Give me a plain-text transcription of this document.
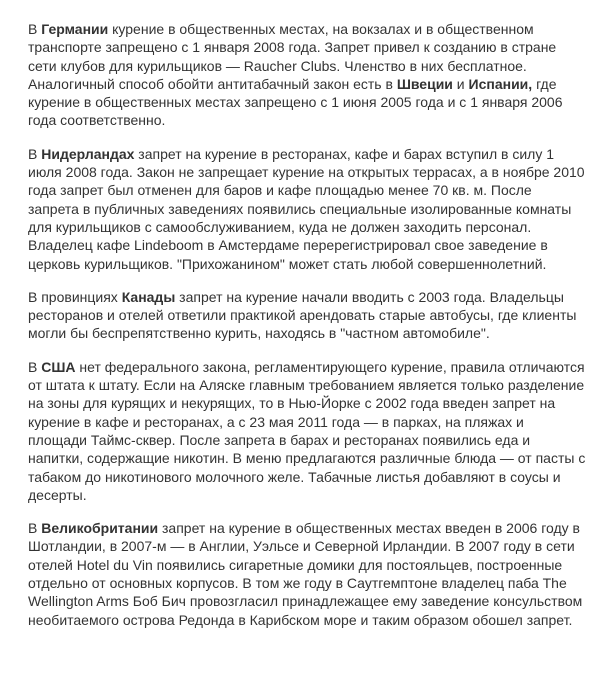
В Германии курение в общественных местах, на вокзалах и в общественном транспорте запрещено с 1 января 2008 года. Запрет привел к созданию в стране сети клубов для курильщиков — Raucher Clubs. Членство в них бесплатное. Аналогичный способ обойти антитабачный закон есть в Швеции и Испании, где курение в общественных местах запрещено с 1 июня 2005 года и с 1 января 2006 года соответственно.

В Нидерландах запрет на курение в ресторанах, кафе и барах вступил в силу 1 июля 2008 года. Закон не запрещает курение на открытых террасах, а в ноябре 2010 года запрет был отменен для баров и кафе площадью менее 70 кв. м. После запрета в публичных заведениях появились специальные изолированные комнаты для курильщиков с самообслуживанием, куда не должен заходить персонал. Владелец кафе Lindeboom в Амстердаме перерегистрировал свое заведение в церковь курильщиков. "Прихожанином" может стать любой совершеннолетний.

В провинциях Канады запрет на курение начали вводить с 2003 года. Владельцы ресторанов и отелей ответили практикой арендовать старые автобусы, где клиенты могли бы беспрепятственно курить, находясь в "частном автомобиле".

В США нет федерального закона, регламентирующего курение, правила отличаются от штата к штату. Если на Аляске главным требованием является только разделение на зоны для курящих и некурящих, то в Нью-Йорке с 2002 года введен запрет на курение в кафе и ресторанах, а с 23 мая 2011 года — в парках, на пляжах и площади Таймс-сквер. После запрета в барах и ресторанах появились еда и напитки, содержащие никотин. В меню предлагаются различные блюда — от пасты с табаком до никотинового молочного желе. Табачные листья добавляют в соусы и десерты.

В Великобритании запрет на курение в общественных местах введен в 2006 году в Шотландии, в 2007-м — в Англии, Уэльсе и Северной Ирландии. В 2007 году в сети отелей Hotel du Vin появились сигаретные домики для постояльцев, построенные отдельно от основных корпусов. В том же году в Саутгемптоне владелец паба The Wellington Arms Боб Бич провозгласил принадлежащее ему заведение консульством необитаемого острова Редонда в Карибском море и таким образом обошел запрет.
